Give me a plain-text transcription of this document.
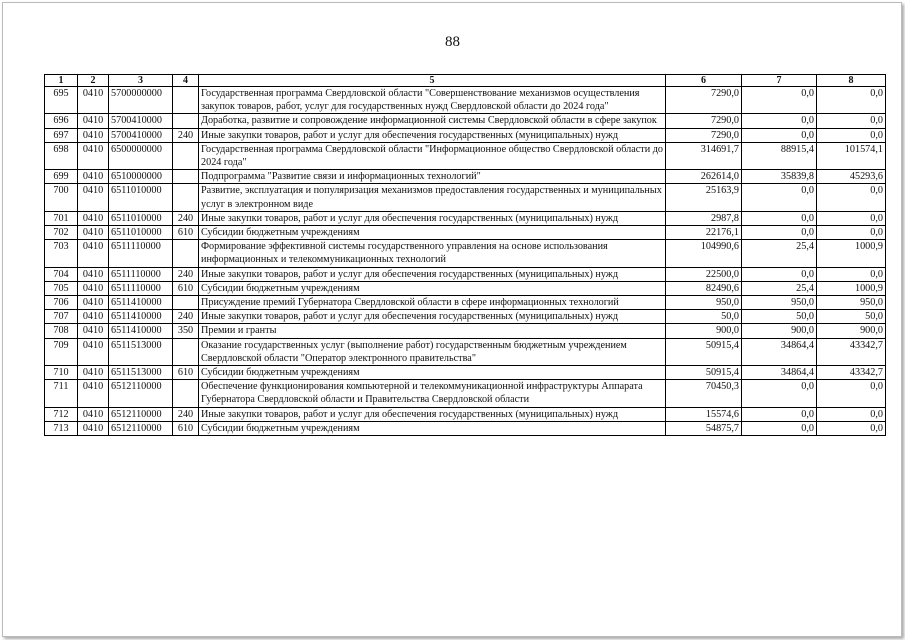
88
1	2	3	4	5	6	7	8
695	0410	5700000000		Государственная программа Свердловской области "Совершенствование механизмов осуществления закупок товаров, работ, услуг для государственных нужд Свердловской области до 2024 года"	7290,0	0,0	0,0
696	0410	5700410000		Доработка, развитие и сопровождение информационной системы Свердловской области в сфере закупок	7290,0	0,0	0,0
697	0410	5700410000	240	Иные закупки товаров, работ и услуг для обеспечения государственных (муниципальных) нужд	7290,0	0,0	0,0
698	0410	6500000000		Государственная программа Свердловской области "Информационное общество Свердловской области до 2024 года"	314691,7	88915,4	101574,1
699	0410	6510000000		Подпрограмма "Развитие связи и информационных технологий"	262614,0	35839,8	45293,6
700	0410	6511010000		Развитие, эксплуатация и популяризация механизмов предоставления государственных и муниципальных услуг в электронном виде	25163,9	0,0	0,0
701	0410	6511010000	240	Иные закупки товаров, работ и услуг для обеспечения государственных (муниципальных) нужд	2987,8	0,0	0,0
702	0410	6511010000	610	Субсидии бюджетным учреждениям	22176,1	0,0	0,0
703	0410	6511110000		Формирование эффективной системы государственного управления на основе использования информационных и телекоммуникационных технологий	104990,6	25,4	1000,9
704	0410	6511110000	240	Иные закупки товаров, работ и услуг для обеспечения государственных (муниципальных) нужд	22500,0	0,0	0,0
705	0410	6511110000	610	Субсидии бюджетным учреждениям	82490,6	25,4	1000,9
706	0410	6511410000		Присуждение премий Губернатора Свердловской области в сфере информационных технологий	950,0	950,0	950,0
707	0410	6511410000	240	Иные закупки товаров, работ и услуг для обеспечения государственных (муниципальных) нужд	50,0	50,0	50,0
708	0410	6511410000	350	Премии и гранты	900,0	900,0	900,0
709	0410	6511513000		Оказание государственных услуг (выполнение работ) государственным бюджетным учреждением Свердловской области "Оператор электронного правительства"	50915,4	34864,4	43342,7
710	0410	6511513000	610	Субсидии бюджетным учреждениям	50915,4	34864,4	43342,7
711	0410	6512110000		Обеспечение функционирования компьютерной и телекоммуникационной инфраструктуры Аппарата Губернатора Свердловской области и Правительства Свердловской области	70450,3	0,0	0,0
712	0410	6512110000	240	Иные закупки товаров, работ и услуг для обеспечения государственных (муниципальных) нужд	15574,6	0,0	0,0
713	0410	6512110000	610	Субсидии бюджетным учреждениям	54875,7	0,0	0,0
